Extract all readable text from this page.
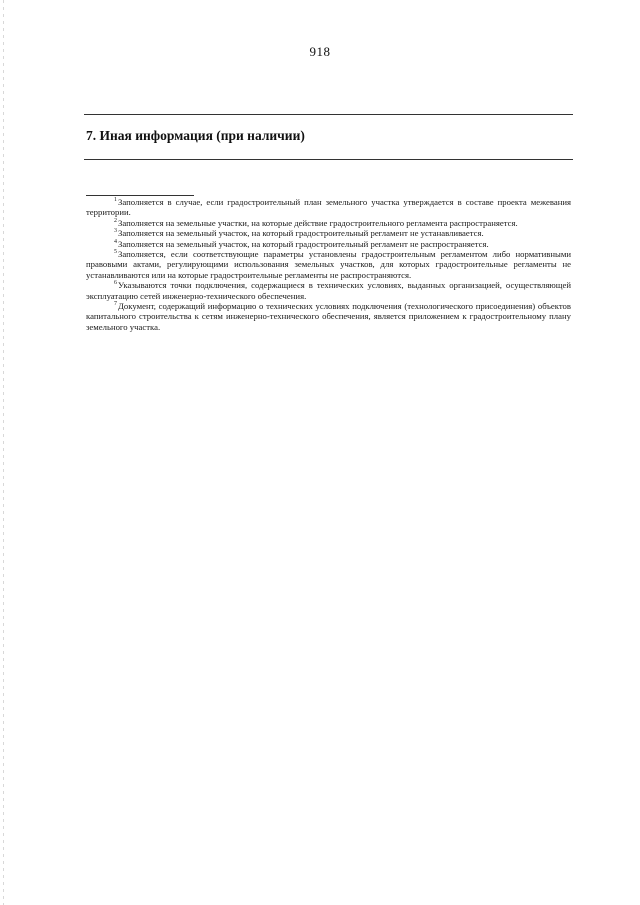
918
7. Иная информация (при наличии)

$^1$Заполняется в случае, если градостроительный план земельного участка утверждается в составе проекта межевания территории.

$^2$Заполняется на земельные участки, на которые действие градостроительного регламента распространяется.

$^3$Заполняется на земельный участок, на который градостроительный регламент не устанавливается.

$^4$Заполняется на земельный участок, на который градостроительный регламент не распространяется.

$^5$Заполняется, если соответствующие параметры установлены градостроительным регламентом либо нормативными правовыми актами, регулирующими использования земельных участков, для которых градостроительные регламенты не устанавливаются или на которые градостроительные регламенты не распространяются.

$^6$Указываются точки подключения, содержащиеся в технических условиях, выданных организацией, осуществляющей эксплуатацию сетей инженерно-технического обеспечения.

$^7$Документ, содержащий информацию о технических условиях подключения (технологического присоединения) объектов капитального строительства к сетям инженерно-технического обеспечения, является приложением к градостроительному плану земельного участка.
